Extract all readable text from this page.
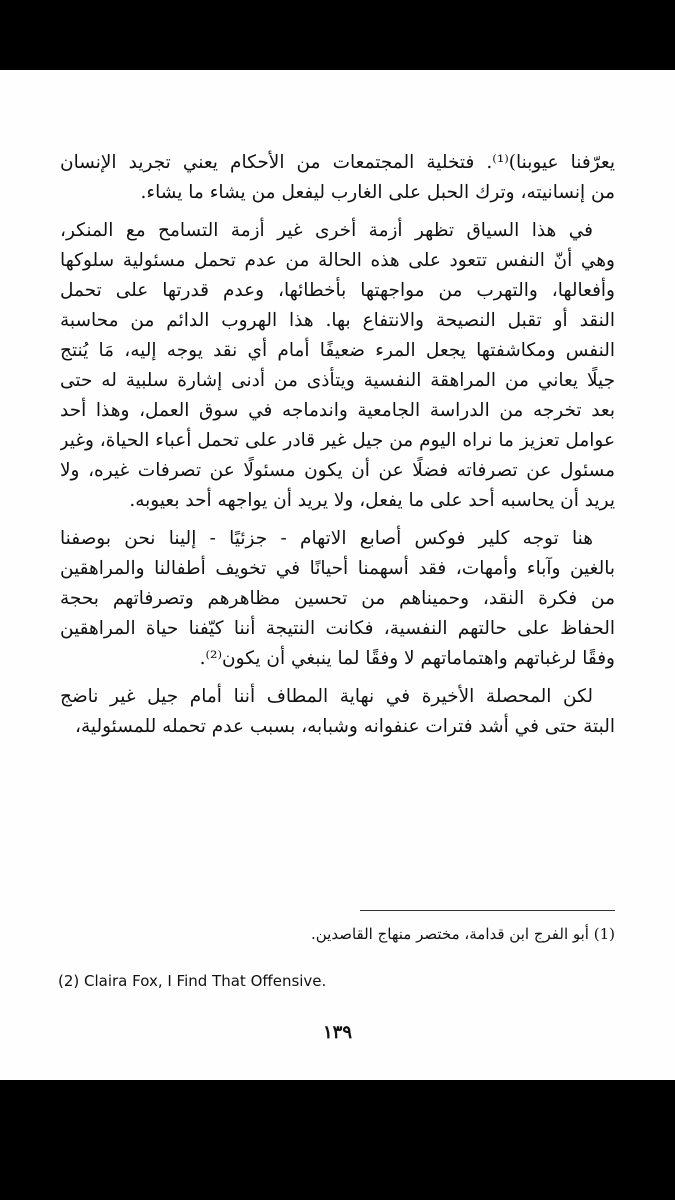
يعرّفنا عيوبنا)⁽¹⁾. فتخلية المجتمعات من الأحكام يعني تجريد الإنسان
من إنسانيته، وترك الحبل على الغارب ليفعل من يشاء ما يشاء.
في هذا السياق تظهر أزمة أخرى غير أزمة التسامح مع المنكر،
وهي أنّ النفس تتعود على هذه الحالة من عدم تحمل مسئولية سلوكها
وأفعالها، والتهرب من مواجهتها بأخطائها، وعدم قدرتها على تحمل
النقد أو تقبل النصيحة والانتفاع بها. هذا الهروب الدائم من محاسبة
النفس ومكاشفتها يجعل المرء ضعيفًا أمام أي نقد يوجه إليه، مَا يُنتج
جيلًا يعاني من المراهقة النفسية ويتأذى من أدنى إشارة سلبية له حتى
بعد تخرجه من الدراسة الجامعية واندماجه في سوق العمل، وهذا أحد
عوامل تعزيز ما نراه اليوم من جيل غير قادر على تحمل أعباء الحياة، وغير
مسئول عن تصرفاته فضلًا عن أن يكون مسئولًا عن تصرفات غيره، ولا
يريد أن يحاسبه أحد على ما يفعل، ولا يريد أن يواجهه أحد بعيوبه.
هنا توجه كلير فوكس أصابع الاتهام - جزئيًا - إلينا نحن بوصفنا
بالغين وآباء وأمهات، فقد أسهمنا أحيانًا في تخويف أطفالنا والمراهقين
من فكرة النقد، وحميناهم من تحسين مظاهرهم وتصرفاتهم بحجة
الحفاظ على حالتهم النفسية، فكانت النتيجة أننا كيّفنا حياة المراهقين
وفقًا لرغباتهم واهتماماتهم لا وفقًا لما ينبغي أن يكون⁽²⁾.
لكن المحصلة الأخيرة في نهاية المطاف أننا أمام جيل غير ناضج
البتة حتى في أشد فترات عنفوانه وشبابه، بسبب عدم تحمله للمسئولية،
(1) أبو الفرج ابن قدامة، مختصر منهاج القاصدين.
(2) Claira Fox, I Find That Offensive.
١٣٩
